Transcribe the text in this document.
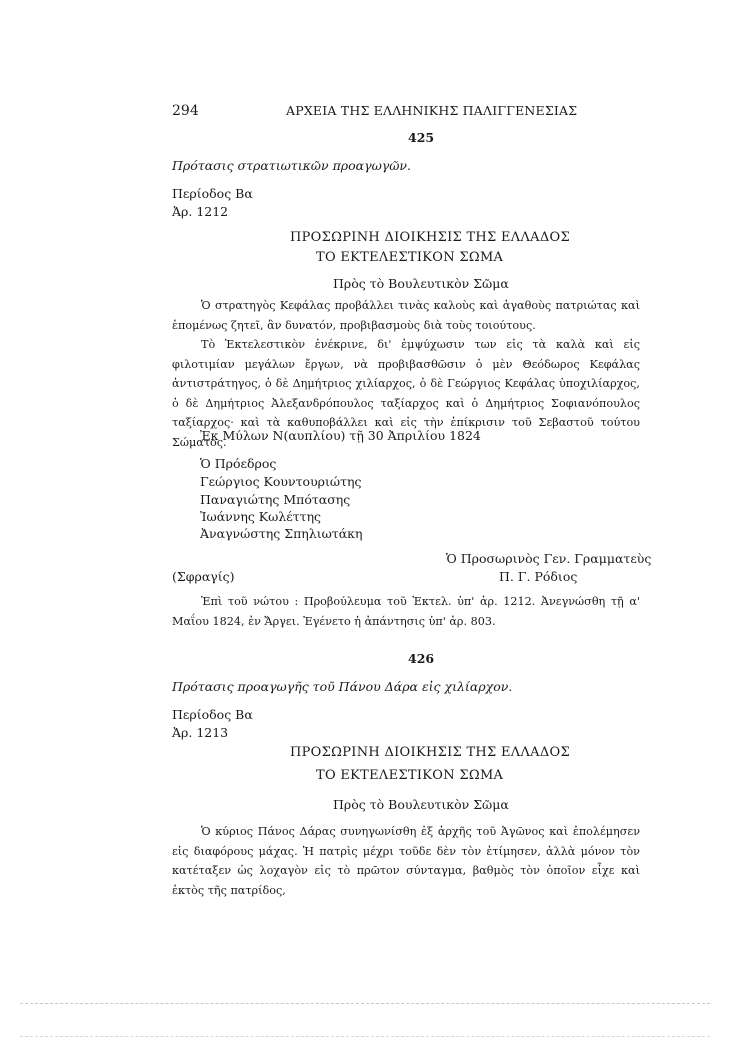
294	ΑΡΧΕΙΑ ΤΗΣ ΕΛΛΗΝΙΚΗΣ ΠΑΛΙΓΓΕΝΕΣΙΑΣ
425
Πρότασις στρατιωτικῶν προαγωγῶν.
Περίοδος Βα
Ἀρ. 1212
ΠΡΟΣΩΡΙΝΗ ΔΙΟΙΚΗΣΙΣ ΤΗΣ ΕΛΛΑΔΟΣ
ΤΟ ΕΚΤΕΛΕΣΤΙΚΟΝ ΣΩΜΑ
Πρὸς τὸ Βουλευτικὸν Σῶμα
Ὁ στρατηγὸς Κεφάλας προβάλλει τινὰς καλοὺς καὶ ἀγαθοὺς πατριώτας καὶ ἑπομένως ζητεῖ, ἂν δυνατόν, προβιβασμοὺς διὰ τοὺς τοιούτους.
Τὸ Ἐκτελεστικὸν ἐνέκρινε, δι' ἐμψύχωσιν των εἰς τὰ καλὰ καὶ εἰς φιλοτιμίαν μεγάλων ἔργων, νὰ προβιβασθῶσιν ὁ μὲν Θεόδωρος Κεφάλας ἀντιστράτηγος, ὁ δὲ Δημήτριος χιλίαρχος, ὁ δὲ Γεώργιος Κεφάλας ὑποχιλίαρχος, ὁ δὲ Δημήτριος Ἀλεξανδρόπουλος ταξίαρχος καὶ ὁ Δημήτριος Σοφιανόπουλος ταξίαρχος· καὶ τὰ καθυποβάλλει καὶ εἰς τὴν ἐπίκρισιν τοῦ Σεβαστοῦ τούτου Σώματος.
Ἐκ Μύλων Ν(αυπλίου) τῇ 30 Ἀπριλίου 1824
Ὁ Πρόεδρος
Γεώργιος Κουντουριώτης
Παναγιώτης Μπότασης
Ἰωάννης Κωλέττης
Ἀναγνώστης Σπηλιωτάκη
Ὁ Προσωρινὸς Γεν. Γραμματεὺς
(Σφραγίς)	Π. Γ. Ρόδιος
Ἐπὶ τοῦ νώτου : Προβούλευμα τοῦ Ἐκτελ. ὑπ' ἀρ. 1212. Ἀνεγνώσθη τῇ α' Μαΐου 1824, ἐν Ἄργει. Ἐγένετο ἡ ἀπάντησις ὑπ' ἀρ. 803.
426
Πρότασις προαγωγῆς τοῦ Πάνου Δάρα εἰς χιλίαρχον.
Περίοδος Βα
Ἀρ. 1213
ΠΡΟΣΩΡΙΝΗ ΔΙΟΙΚΗΣΙΣ ΤΗΣ ΕΛΛΑΔΟΣ
ΤΟ ΕΚΤΕΛΕΣΤΙΚΟΝ ΣΩΜΑ
Πρὸς τὸ Βουλευτικὸν Σῶμα
Ὁ κύριος Πάνος Δάρας συνηγωνίσθη ἐξ ἀρχῆς τοῦ Ἀγῶνος καὶ ἐπολέμησεν εἰς διαφόρους μάχας. Ἡ πατρὶς μέχρι τοῦδε δὲν τὸν ἐτίμησεν, ἀλλὰ μόνον τὸν κατέταξεν ὡς λοχαγὸν εἰς τὸ πρῶτον σύνταγμα, βαθμὸς τὸν ὁποῖον εἶχε καὶ ἐκτὸς τῆς πατρίδος,
